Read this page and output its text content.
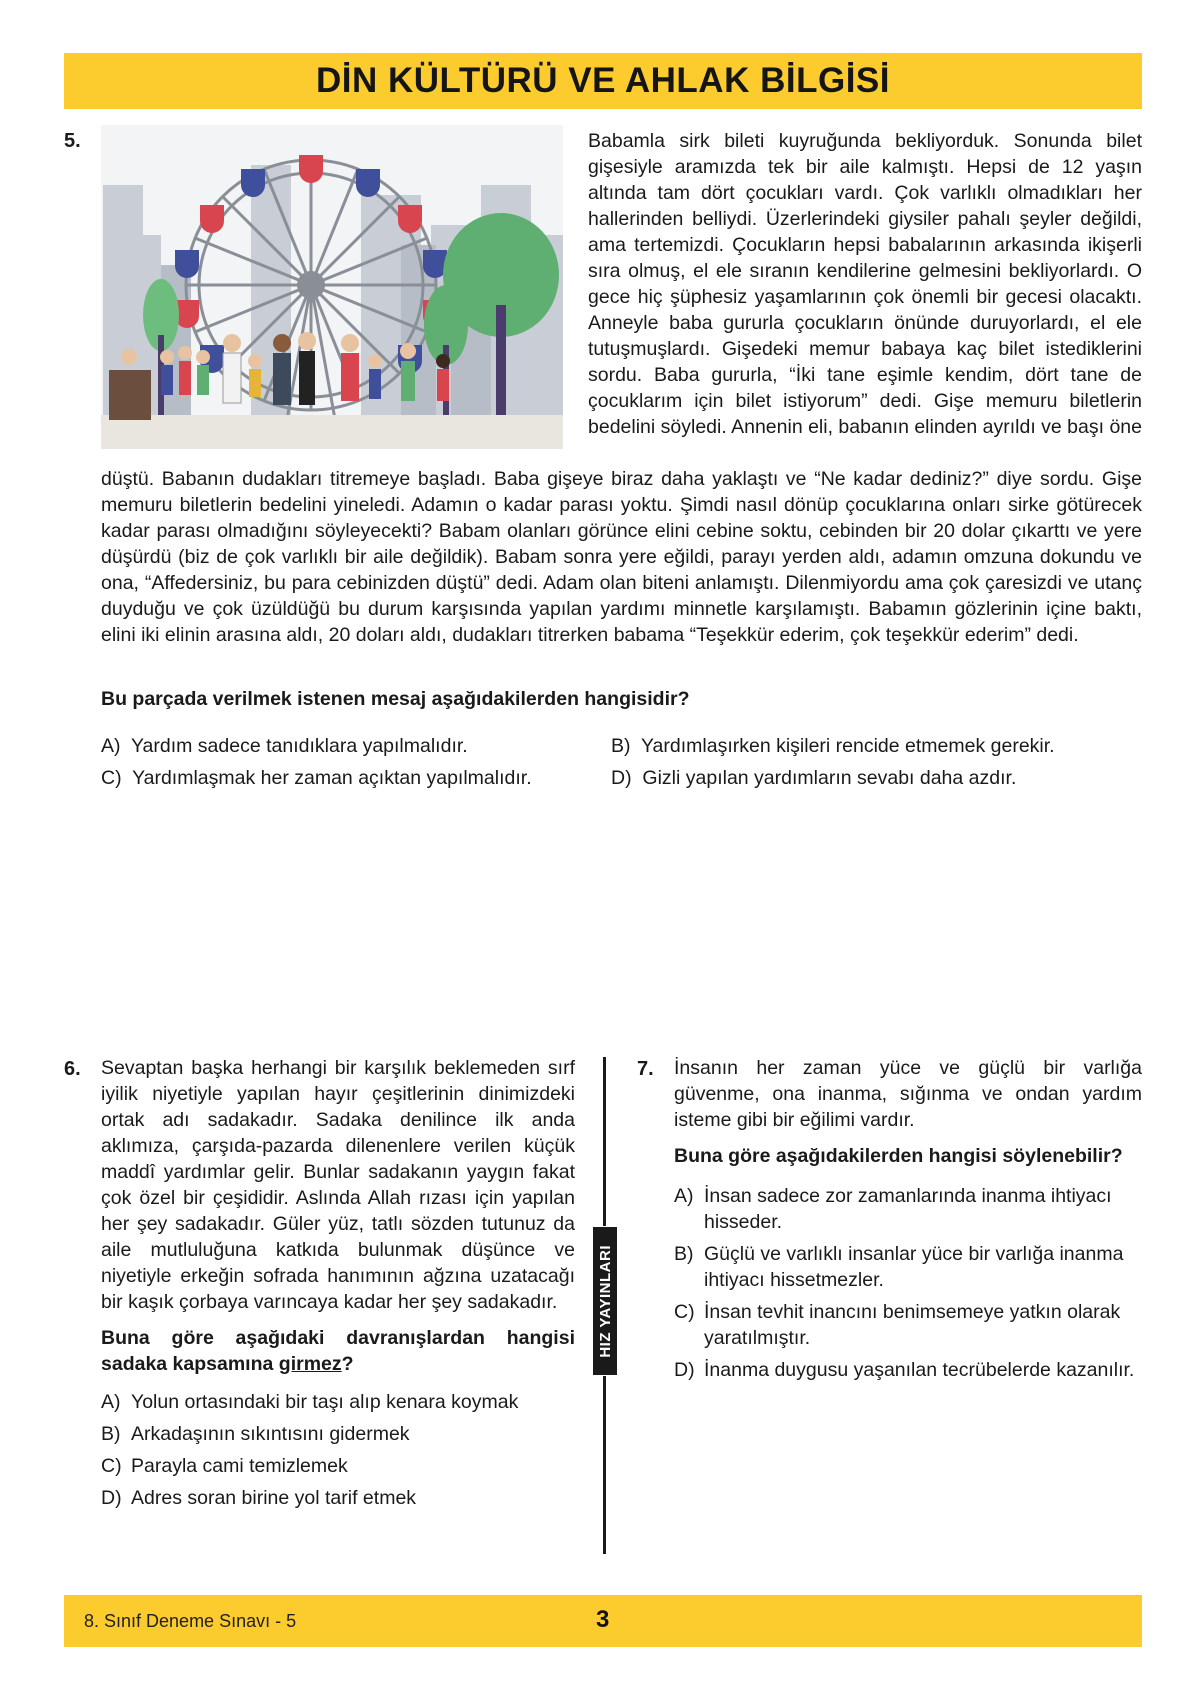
DİN KÜLTÜRÜ VE AHLAK BİLGİSİ
5.	Babamla sirk bileti kuyruğunda bekliyorduk. Sonunda bilet gişesiyle aramızda tek bir aile kalmıştı. Hepsi de 12 yaşın altında tam dört çocukları vardı. Çok varlıklı olmadıkları her hallerinden belliydi. Üzerlerindeki giysiler pahalı şeyler değildi, ama tertemizdi. Çocukların hepsi babalarının arkasında ikişerli sıra olmuş, el ele sıranın kendilerine gelmesini bekliyorlardı. O gece hiç şüphesiz yaşamlarının çok önemli bir gecesi olacaktı. Anneyle baba gururla çocukların önünde duruyorlardı, el ele tutuşmuşlardı. Gişedeki memur babaya kaç bilet istediklerini sordu. Baba gururla, “İki tane eşimle kendim, dört tane de çocuklarım için bilet istiyorum” dedi. Gişe memuru biletlerin bedelini söyledi. Annenin eli, babanın elinden ayrıldı ve başı öne
düştü. Babanın dudakları titremeye başladı. Baba gişeye biraz daha yaklaştı ve “Ne kadar dediniz?” diye sordu. Gişe memuru biletlerin bedelini yineledi. Adamın o kadar parası yoktu. Şimdi nasıl dönüp çocuklarına onları sirke götürecek kadar parası olmadığını söyleyecekti? Babam olanları görünce elini cebine soktu, cebinden bir 20 dolar çıkarttı ve yere düşürdü (biz de çok varlıklı bir aile değildik). Babam sonra yere eğildi, parayı yerden aldı, adamın omzuna dokundu ve ona, “Affedersiniz, bu para cebinizden düştü” dedi. Adam olan biteni anlamıştı. Dilenmiyordu ama çok çaresizdi ve utanç duyduğu ve çok üzüldüğü bu durum karşısında yapılan yardımı minnetle karşılamıştı. Babamın gözlerinin içine baktı, elini iki elinin arasına aldı, 20 doları aldı, dudakları titrerken babama “Teşekkür ederim, çok teşekkür ederim” dedi.
Bu parçada verilmek istenen mesaj aşağıdakilerden hangisidir?
A) Yardım sadece tanıdıklara yapılmalıdır.	B) Yardımlaşırken kişileri rencide etmemek gerekir.
C) Yardımlaşmak her zaman açıktan yapılmalıdır.	D) Gizli yapılan yardımların sevabı daha azdır.
6. Sevaptan başka herhangi bir karşılık beklemeden sırf iyilik niyetiyle yapılan hayır çeşitlerinin dinimizdeki ortak adı sadakadır. Sadaka denilince ilk anda aklımıza, çarşıda-pazarda dilenenlere verilen küçük maddî yardımlar gelir. Bunlar sadakanın yaygın fakat çok özel bir çeşididir. Aslında Allah rızası için yapılan her şey sadakadır. Güler yüz, tatlı sözden tutunuz da aile mutluluğuna katkıda bulunmak düşünce ve niyetiyle erkeğin sofrada hanımının ağzına uzatacağı bir kaşık çorbaya varıncaya kadar her şey sadakadır.

Buna göre aşağıdaki davranışlardan hangisi sadaka kapsamına girmez?

A) Yolun ortasındaki bir taşı alıp kenara koymak
B) Arkadaşının sıkıntısını gidermek
C) Parayla cami temizlemek
D) Adres soran birine yol tarif etmek
HIZ YAYINLARI
7. İnsanın her zaman yüce ve güçlü bir varlığa güvenme, ona inanma, sığınma ve ondan yardım isteme gibi bir eğilimi vardır.

Buna göre aşağıdakilerden hangisi söylenebilir?

A) İnsan sadece zor zamanlarında inanma ihtiyacı hisseder.
B) Güçlü ve varlıklı insanlar yüce bir varlığa inanma ihtiyacı hissetmezler.
C) İnsan tevhit inancını benimsemeye yatkın olarak yaratılmıştır.
D) İnanma duygusu yaşanılan tecrübelerde kazanılır.
8. Sınıf Deneme Sınavı - 5	3
